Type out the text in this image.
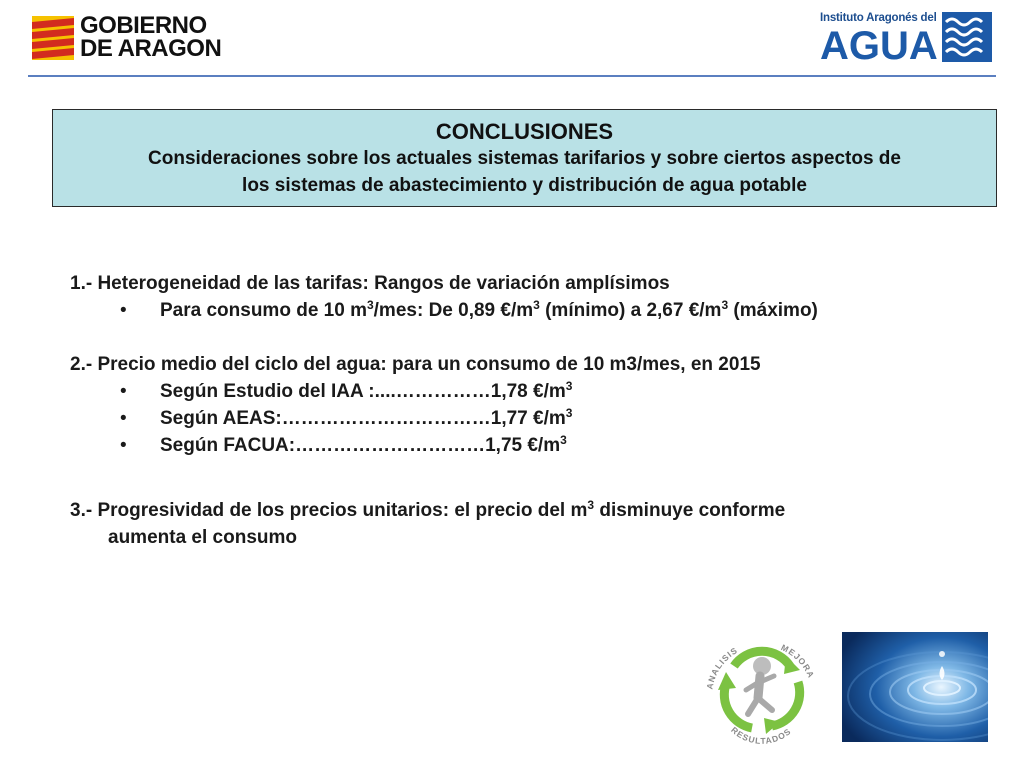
GOBIERNO
DE ARAGON
Instituto Aragonés del
AGUA
CONCLUSIONES
Consideraciones sobre los actuales sistemas tarifarios y sobre ciertos aspectos de
los sistemas de abastecimiento y distribución de agua potable
1.- Heterogeneidad de las tarifas: Rangos de variación amplísimos
•	Para consumo de 10 $m^3$/mes: De 0,89 $€/m^3$ (mínimo) a 2,67 $€/m^3$ (máximo)
2.- Precio medio del ciclo del agua: para un consumo de 10 m3/mes, en 2015
•	Según Estudio del IAA :....……………1,78 $€/m^3$
•	Según AEAS:……………………………1,77 $€/m^3$
•	Según FACUA:…………………………1,75 $€/m^3$
3.- Progresividad de los precios unitarios: el precio del $m^3$ disminuye conforme
aumenta el consumo
ANALISIS	MEJORA
RESULTADOS
